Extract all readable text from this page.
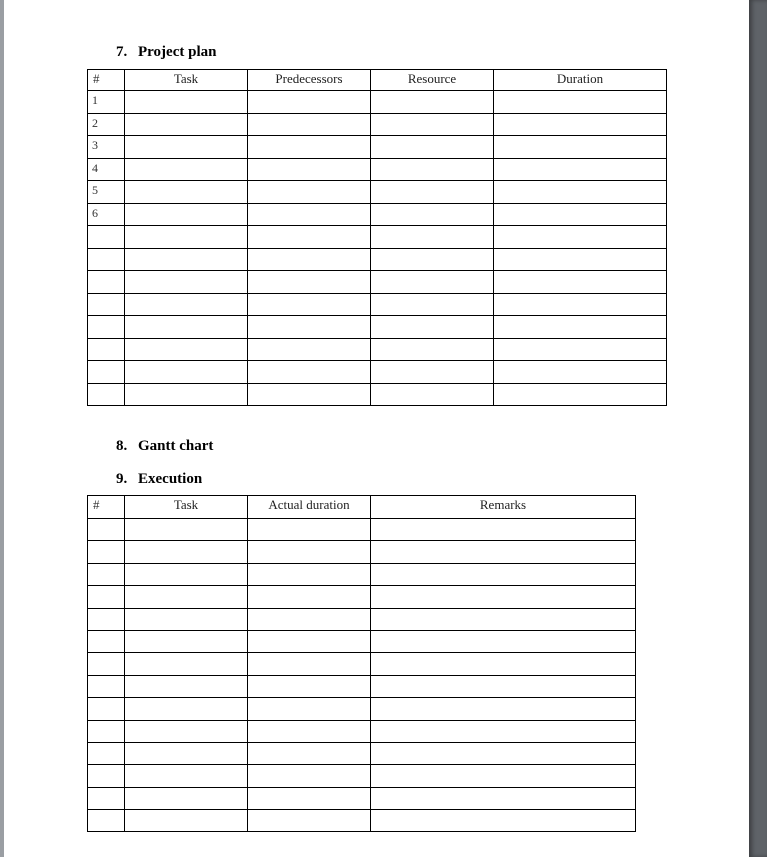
7. Project plan
#	Task	Predecessors	Resource	Duration
1				
2				
3				
4				
5				
6				

8. Gantt chart
9. Execution
#	Task	Actual duration	Remarks
